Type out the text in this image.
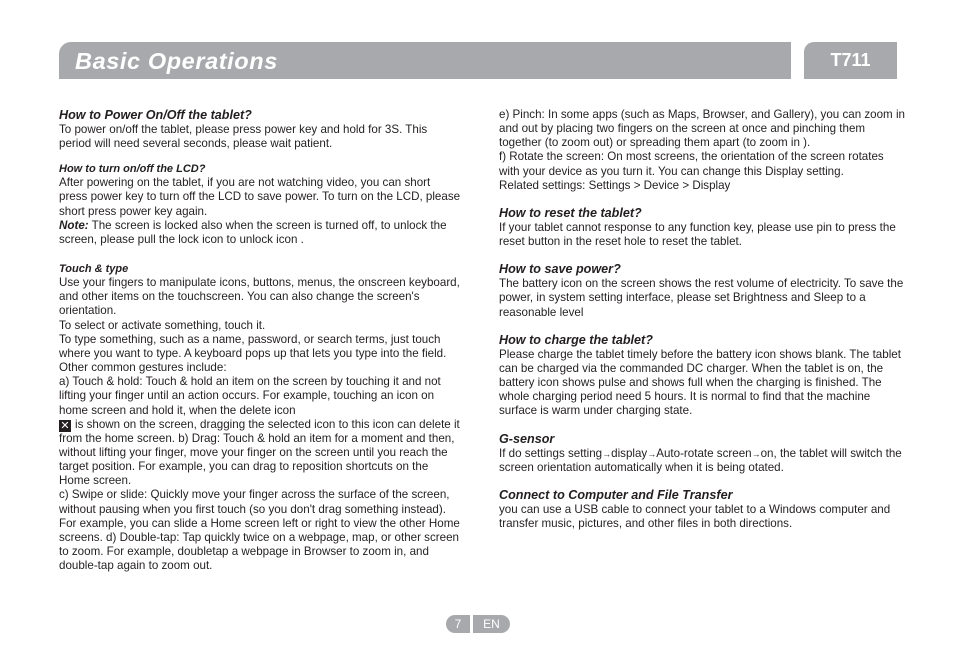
Basic Operations	T711

How to Power On/Off the tablet?

To power on/off the tablet, please press power key and hold for 3S. This period will need several seconds, please wait patient.

How to turn on/off the LCD?

After powering on the tablet, if you are not watching video, you can short press power key to turn off the LCD to save power. To turn on the LCD, please short press power key again.

Note: The screen is locked also when the screen is turned off, to unlock the screen, please pull the lock icon to unlock icon .

Touch & type

Use your fingers to manipulate icons, buttons, menus, the onscreen keyboard, and other items on the touchscreen. You can also change the screen's orientation.

To select or activate something, touch it.

To type something, such as a name, password, or search terms, just touch where you want to type. A keyboard pops up that lets you type into the field.

Other common gestures include:

a) Touch & hold: Touch & hold an item on the screen by touching it and not lifting your finger until an action occurs. For example, touching an icon on home screen and hold it, when the delete icon
✕ is shown on the screen, dragging the selected icon to this icon can delete it from the home screen. b) Drag: Touch & hold an item for a moment and then, without lifting your finger, move your finger on the screen until you reach the target position. For example, you can drag to reposition shortcuts on the Home screen.

c) Swipe or slide: Quickly move your finger across the surface of the screen, without pausing when you first touch (so you don't drag something instead). For example, you can slide a Home screen left or right to view the other Home screens. d) Double-tap: Tap quickly twice on a webpage, map, or other screen to zoom. For example, doubletap a webpage in Browser to zoom in, and double-tap again to zoom out.

e) Pinch: In some apps (such as Maps, Browser, and Gallery), you can zoom in and out by placing two fingers on the screen at once and pinching them together (to zoom out) or spreading them apart (to zoom in ).

f) Rotate the screen: On most screens, the orientation of the screen rotates with your device as you turn it. You can change this Display setting.

Related settings: Settings > Device > Display

How to reset the tablet?

If your tablet cannot response to any function key, please use pin to press the reset button in the reset hole to reset the tablet.

How to save power?

The battery icon on the screen shows the rest volume of electricity. To save the power, in system setting interface, please set Brightness and Sleep to a reasonable level

How to charge the tablet?

Please charge the tablet timely before the battery icon shows blank. The tablet can be charged via the commanded DC charger. When the tablet is on, the battery icon shows pulse and shows full when the charging is finished. The whole charging period need 5 hours. It is normal to find that the machine surface is warm under charging state.

G-sensor

If do settings setting→display→Auto-rotate screen→on, the tablet will switch the screen orientation automatically when it is being otated.

Connect to Computer and File Transfer

you can use a USB cable to connect your tablet to a Windows computer and transfer music, pictures, and other files in both directions.

7	EN
